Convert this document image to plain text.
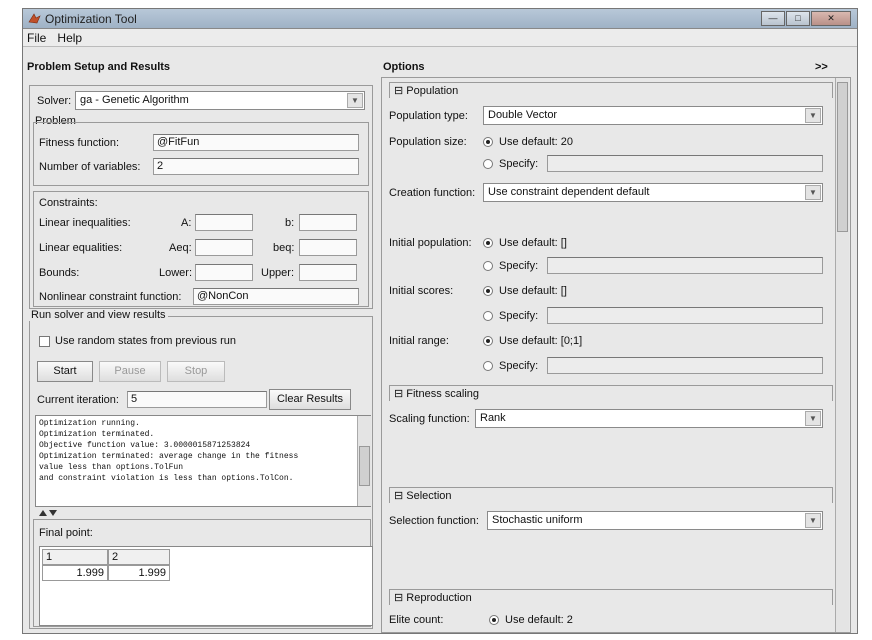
Optimization Tool	—	□	✕
File Help
Problem Setup and Results
Solver: ga - Genetic Algorithm	▼
Problem
Fitness function:	@FitFun
Number of variables:	2
Constraints:
Linear inequalities:	A:	b:
Linear equalities:	Aeq:	beq:
Bounds:	Lower:	Upper:
Nonlinear constraint function:	@NonCon
Run solver and view results
Use random states from previous run
Start	Pause	Stop
Current iteration:	5	Clear Results
Optimization running.
Optimization terminated.
Objective function value: 3.0000015871253824
Optimization terminated: average change in the fitness
value less than options.TolFun
and constraint violation is less than options.TolCon.
Final point:
1	2
1.999	1.999
Options	>>
⊟ Population
Population type:	Double Vector	▼
Population size:	Use default: 20
Specify:
Creation function:	Use constraint dependent default	▼
Initial population: Use default: []
Specify:
Initial scores:	Use default: []
Specify:
Initial range:	Use default: [0;1]
Specify:
⊟ Fitness scaling
Scaling function: Rank	▼
⊟ Selection
Selection function:	Stochastic uniform	▼
⊟ Reproduction
Elite count:	Use default: 2
